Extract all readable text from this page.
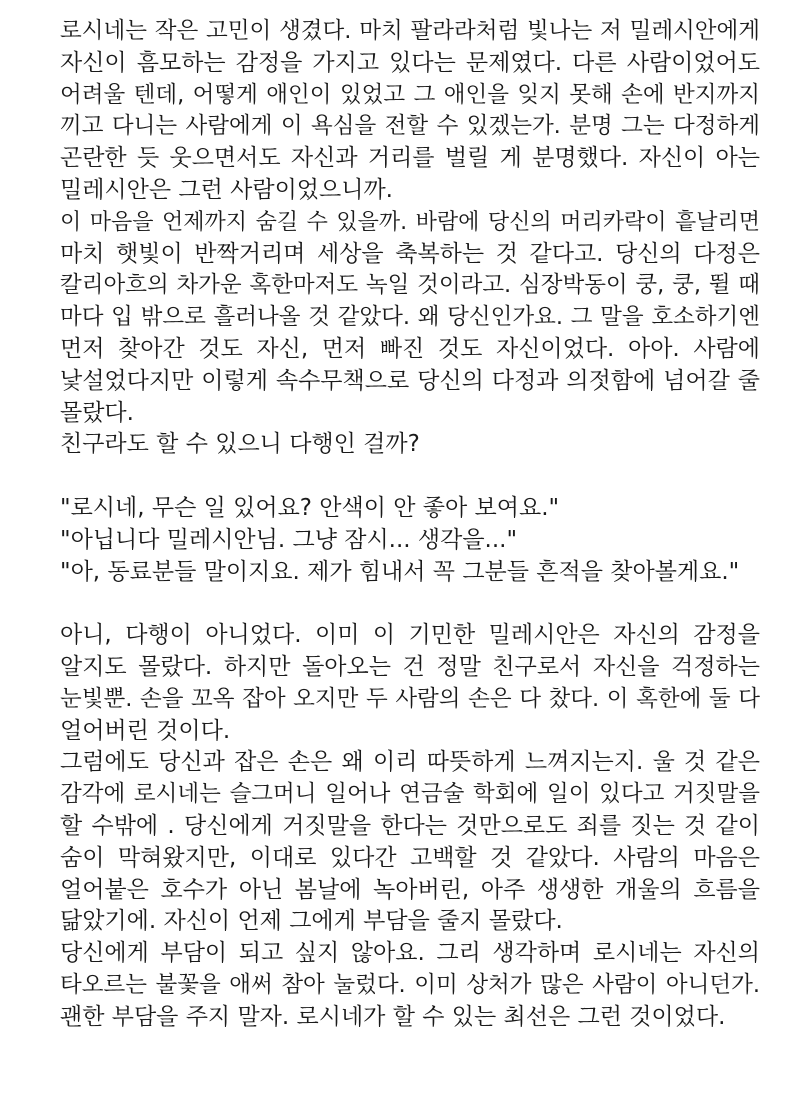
로시네는 작은 고민이 생겼다. 마치 팔라라처럼 빛나는 저 밀레시안에게
자신이 흠모하는 감정을 가지고 있다는 문제였다. 다른 사람이었어도
어려울 텐데, 어떻게 애인이 있었고 그 애인을 잊지 못해 손에 반지까지
끼고 다니는 사람에게 이 욕심을 전할 수 있겠는가. 분명 그는 다정하게
곤란한 듯 웃으면서도 자신과 거리를 벌릴 게 분명했다. 자신이 아는
밀레시안은 그런 사람이었으니까.
이 마음을 언제까지 숨길 수 있을까. 바람에 당신의 머리카락이 흩날리면
마치 햇빛이 반짝거리며 세상을 축복하는 것 같다고. 당신의 다정은
칼리아흐의 차가운 혹한마저도 녹일 것이라고. 심장박동이 쿵, 쿵, 뛸 때
마다 입 밖으로 흘러나올 것 같았다. 왜 당신인가요. 그 말을 호소하기엔
먼저 찾아간 것도 자신, 먼저 빠진 것도 자신이었다. 아아. 사람에
낯설었다지만 이렇게 속수무책으로 당신의 다정과 의젓함에 넘어갈 줄
몰랐다.
친구라도 할 수 있으니 다행인 걸까?
"로시네, 무슨 일 있어요? 안색이 안 좋아 보여요."
"아닙니다 밀레시안님. 그냥 잠시... 생각을..."
"아, 동료분들 말이지요. 제가 힘내서 꼭 그분들 흔적을 찾아볼게요."
아니, 다행이 아니었다. 이미 이 기민한 밀레시안은 자신의 감정을
알지도 몰랐다. 하지만 돌아오는 건 정말 친구로서 자신을 걱정하는
눈빛뿐. 손을 꼬옥 잡아 오지만 두 사람의 손은 다 찼다. 이 혹한에 둘 다
얼어버린 것이다.
그럼에도 당신과 잡은 손은 왜 이리 따뜻하게 느껴지는지. 울 것 같은
감각에 로시네는 슬그머니 일어나 연금술 학회에 일이 있다고 거짓말을
할 수밖에 . 당신에게 거짓말을 한다는 것만으로도 죄를 짓는 것 같이
숨이 막혀왔지만, 이대로 있다간 고백할 것 같았다. 사람의 마음은
얼어붙은 호수가 아닌 봄날에 녹아버린, 아주 생생한 개울의 흐름을
닮았기에. 자신이 언제 그에게 부담을 줄지 몰랐다.
당신에게 부담이 되고 싶지 않아요. 그리 생각하며 로시네는 자신의
타오르는 불꽃을 애써 참아 눌렀다. 이미 상처가 많은 사람이 아니던가.
괜한 부담을 주지 말자. 로시네가 할 수 있는 최선은 그런 것이었다.
